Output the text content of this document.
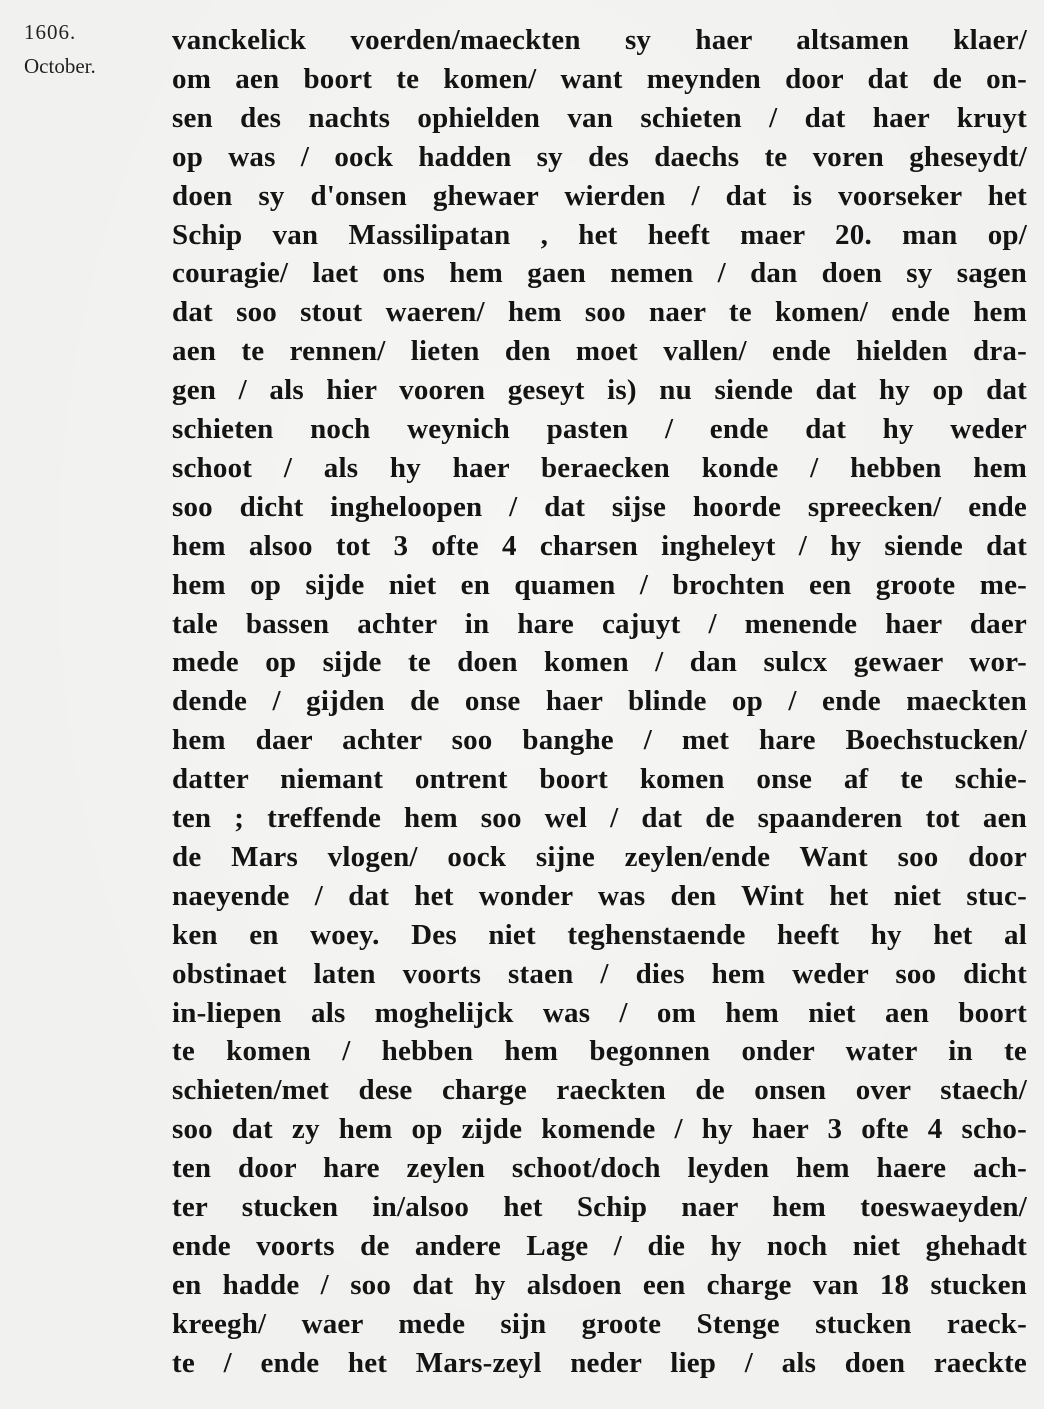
1606.
October.
vanckelick voerden/maeckten sy haer altsamen klaer/
om aen boort te komen/ want meynden door dat de on-
sen des nachts ophielden van schieten / dat haer kruyt
op was / oock hadden sy des daechs te voren gheseydt/
doen sy d'onsen ghewaer wierden / dat is voorseker het
Schip van Massilipatan , het heeft maer 20. man op/
couragie/ laet ons hem gaen nemen / dan doen sy sagen
dat soo stout waeren/ hem soo naer te komen/ ende hem
aen te rennen/ lieten den moet vallen/ ende hielden dra-
gen / als hier vooren geseyt is) nu siende dat hy op dat
schieten noch weynich pasten / ende dat hy weder
schoot / als hy haer beraecken konde / hebben hem
soo dicht ingheloopen / dat sijse hoorde spreecken/ ende
hem alsoo tot 3 ofte 4 charsen ingheleyt / hy siende dat
hem op sijde niet en quamen / brochten een groote me-
tale bassen achter in hare cajuyt / menende haer daer
mede op sijde te doen komen / dan sulcx gewaer wor-
dende / gijden de onse haer blinde op / ende maeckten
hem daer achter soo banghe / met hare Boechstucken/
datter niemant ontrent boort komen onse af te schie-
ten ; treffende hem soo wel / dat de spaanderen tot aen
de Mars vlogen/ oock sijne zeylen/ende Want soo door
naeyende / dat het wonder was den Wint het niet stuc-
ken en woey. Des niet teghenstaende heeft hy het al
obstinaet laten voorts staen / dies hem weder soo dicht
in-liepen als moghelijck was / om hem niet aen boort
te komen / hebben hem begonnen onder water in te
schieten/met dese charge raeckten de onsen over staech/
soo dat zy hem op zijde komende / hy haer 3 ofte 4 scho-
ten door hare zeylen schoot/doch leyden hem haere ach-
ter stucken in/alsoo het Schip naer hem toeswaeyden/
ende voorts de andere Lage / die hy noch niet ghehadt
en hadde / soo dat hy alsdoen een charge van 18 stucken
kreegh/ waer mede sijn groote Stenge stucken raeck-
te / ende het Mars-zeyl neder liep / als doen raeckte
